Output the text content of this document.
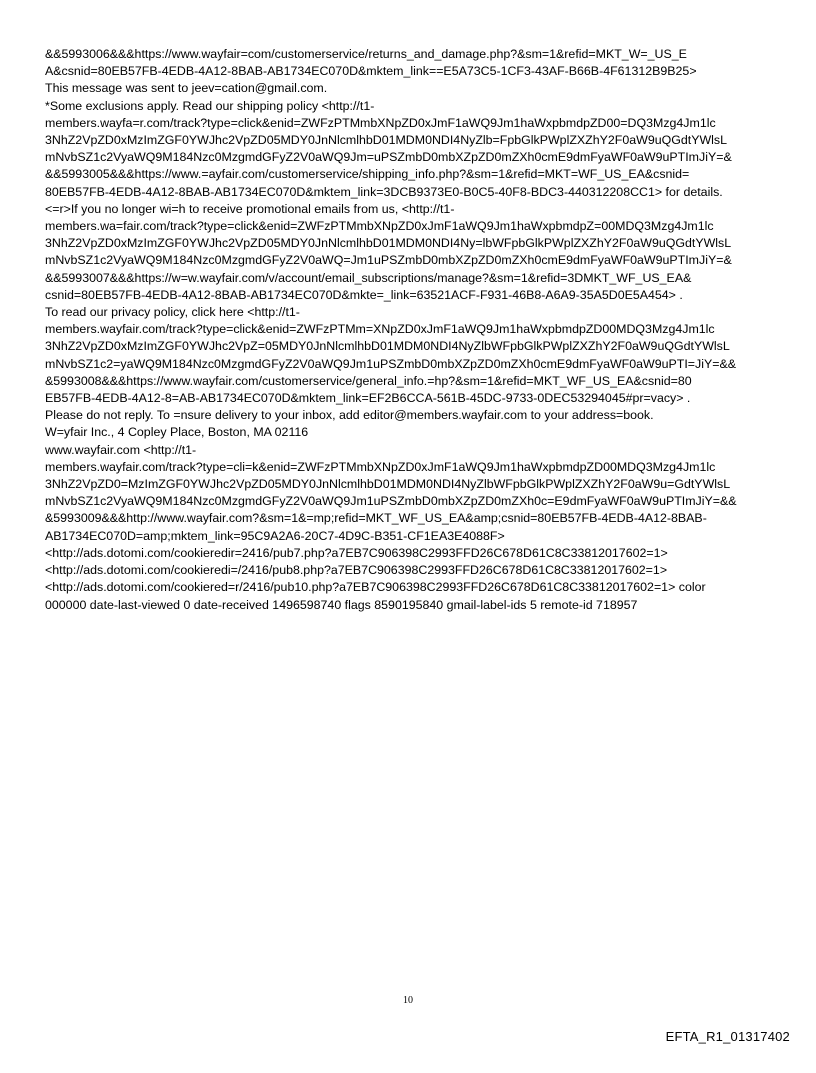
&&5993006&&&https://www.wayfair=com/customerservice/returns_and_damage.php?&sm=1&refid=MKT_W=_US_E
A&csnid=80EB57FB-4EDB-4A12-8BAB-AB1734EC070D&mktem_link==E5A73C5-1CF3-43AF-B66B-4F61312B9B25>
This message was sent to jeev=cation@gmail.com.
*Some exclusions apply. Read our shipping policy <http://t1-
members.wayfa=r.com/track?type=click&enid=ZWFzPTMmbXNpZD0xJmF1aWQ9Jm1haWxpbmdpZD00=DQ3Mzg4Jm1lc
3NhZ2VpZD0xMzImZGF0YWJhc2VpZD05MDY0JnNlcmlhbD01MDM0NDI4NyZlb=FpbGlkPWplZXZhY2F0aW9uQGdtYWlsL
mNvbSZ1c2VyaWQ9M184Nzc0MzgmdGFyZ2V0aWQ9Jm=uPSZmbD0mbXZpZD0mZXh0cmE9dmFyaWF0aW9uPTImJiY=&
&&5993005&&&https://www.=ayfair.com/customerservice/shipping_info.php?&sm=1&refid=MKT=WF_US_EA&csnid=
80EB57FB-4EDB-4A12-8BAB-AB1734EC070D&mktem_link=3DCB9373E0-B0C5-40F8-BDC3-440312208CC1> for details.
<=r>If you no longer wi=h to receive promotional emails from us, <http://t1-
members.wa=fair.com/track?type=click&enid=ZWFzPTMmbXNpZD0xJmF1aWQ9Jm1haWxpbmdpZ=00MDQ3Mzg4Jm1lc
3NhZ2VpZD0xMzImZGF0YWJhc2VpZD05MDY0JnNlcmlhbD01MDM0NDI4Ny=lbWFpbGlkPWplZXZhY2F0aW9uQGdtYWlsL
mNvbSZ1c2VyaWQ9M184Nzc0MzgmdGFyZ2V0aWQ=Jm1uPSZmbD0mbXZpZD0mZXh0cmE9dmFyaWF0aW9uPTImJiY=&
&&5993007&&&https://w=w.wayfair.com/v/account/email_subscriptions/manage?&sm=1&refid=3DMKT_WF_US_EA&
csnid=80EB57FB-4EDB-4A12-8BAB-AB1734EC070D&mkte=_link=63521ACF-F931-46B8-A6A9-35A5D0E5A454> .
To read our privacy policy, click here <http://t1-
members.wayfair.com/track?type=click&enid=ZWFzPTMm=XNpZD0xJmF1aWQ9Jm1haWxpbmdpZD00MDQ3Mzg4Jm1lc
3NhZ2VpZD0xMzImZGF0YWJhc2VpZ=05MDY0JnNlcmlhbD01MDM0NDI4NyZlbWFpbGlkPWplZXZhY2F0aW9uQGdtYWlsL
mNvbSZ1c2=yaWQ9M184Nzc0MzgmdGFyZ2V0aWQ9Jm1uPSZmbD0mbXZpZD0mZXh0cmE9dmFyaWF0aW9uPTI=JiY=&&
&5993008&&&https://www.wayfair.com/customerservice/general_info.=hp?&sm=1&refid=MKT_WF_US_EA&csnid=80
EB57FB-4EDB-4A12-8=AB-AB1734EC070D&mktem_link=EF2B6CCA-561B-45DC-9733-0DEC53294045#pr=vacy> .
Please do not reply. To =nsure delivery to your inbox, add editor@members.wayfair.com to your address=book.
W=yfair Inc., 4 Copley Place, Boston, MA 02116
www.wayfair.com <http://t1-
members.wayfair.com/track?type=cli=k&enid=ZWFzPTMmbXNpZD0xJmF1aWQ9Jm1haWxpbmdpZD00MDQ3Mzg4Jm1lc
3NhZ2VpZD0=MzImZGF0YWJhc2VpZD05MDY0JnNlcmlhbD01MDM0NDI4NyZlbWFpbGlkPWplZXZhY2F0aW9u=GdtYWlsL
mNvbSZ1c2VyaWQ9M184Nzc0MzgmdGFyZ2V0aWQ9Jm1uPSZmbD0mbXZpZD0mZXh0c=E9dmFyaWF0aW9uPTImJiY=&&
&5993009&&&http://www.wayfair.com?&sm=1&=mp;refid=MKT_WF_US_EA&amp;csnid=80EB57FB-4EDB-4A12-8BAB-
AB1734EC070D=amp;mktem_link=95C9A2A6-20C7-4D9C-B351-CF1EA3E4088F>
<http://ads.dotomi.com/cookieredir=2416/pub7.php?a7EB7C906398C2993FFD26C678D61C8C33812017602=1>
<http://ads.dotomi.com/cookieredi=/2416/pub8.php?a7EB7C906398C2993FFD26C678D61C8C33812017602=1>
<http://ads.dotomi.com/cookiered=r/2416/pub10.php?a7EB7C906398C2993FFD26C678D61C8C33812017602=1> color
000000 date-last-viewed 0 date-received 1496598740 flags 8590195840 gmail-label-ids 5 remote-id 718957
10
EFTA_R1_01317402
